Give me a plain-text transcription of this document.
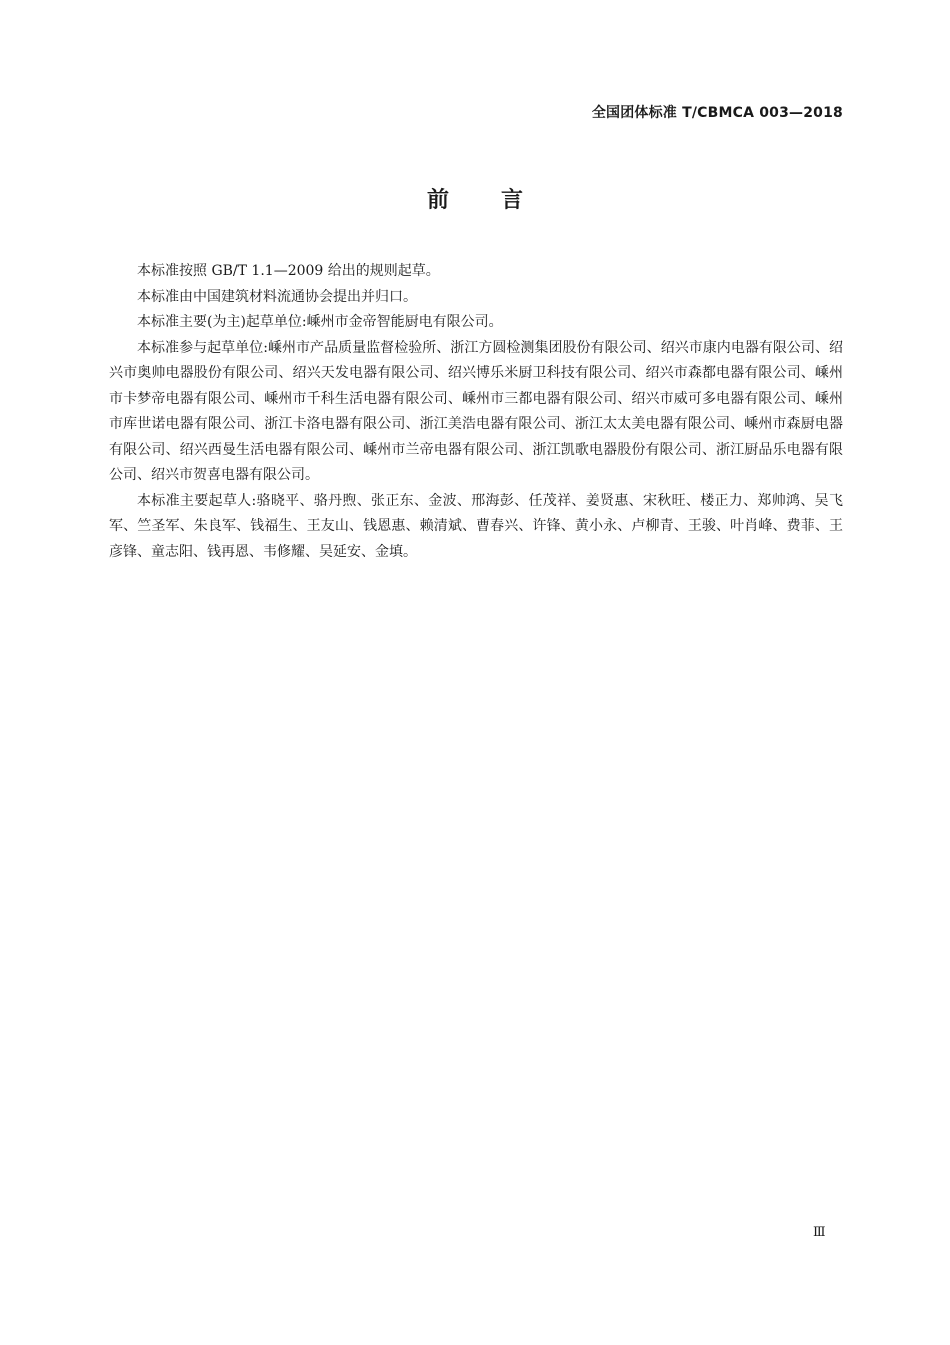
全国团体标准 T/CBMCA 003—2018
前言

本标准按照 GB/T 1.1—2009 给出的规则起草。

本标准由中国建筑材料流通协会提出并归口。

本标准主要(为主)起草单位:嵊州市金帝智能厨电有限公司。

本标准参与起草单位:嵊州市产品质量监督检验所、浙江方圆检测集团股份有限公司、绍兴市康内电器有限公司、绍兴市奥帅电器股份有限公司、绍兴天发电器有限公司、绍兴博乐米厨卫科技有限公司、绍兴市森都电器有限公司、嵊州市卡梦帝电器有限公司、嵊州市千科生活电器有限公司、嵊州市三都电器有限公司、绍兴市威可多电器有限公司、嵊州市库世诺电器有限公司、浙江卡洛电器有限公司、浙江美浩电器有限公司、浙江太太美电器有限公司、嵊州市森厨电器有限公司、绍兴西曼生活电器有限公司、嵊州市兰帝电器有限公司、浙江凯歌电器股份有限公司、浙江厨品乐电器有限公司、绍兴市贺喜电器有限公司。

本标准主要起草人:骆晓平、骆丹煦、张正东、金波、邢海彭、任茂祥、姜贤惠、宋秋旺、楼正力、郑帅鸿、吴飞军、竺圣军、朱良军、钱福生、王友山、钱恩惠、赖清斌、曹春兴、许锋、黄小永、卢柳青、王骏、叶肖峰、费菲、王彦锋、童志阳、钱再恩、韦修耀、吴延安、金填。

Ⅲ
